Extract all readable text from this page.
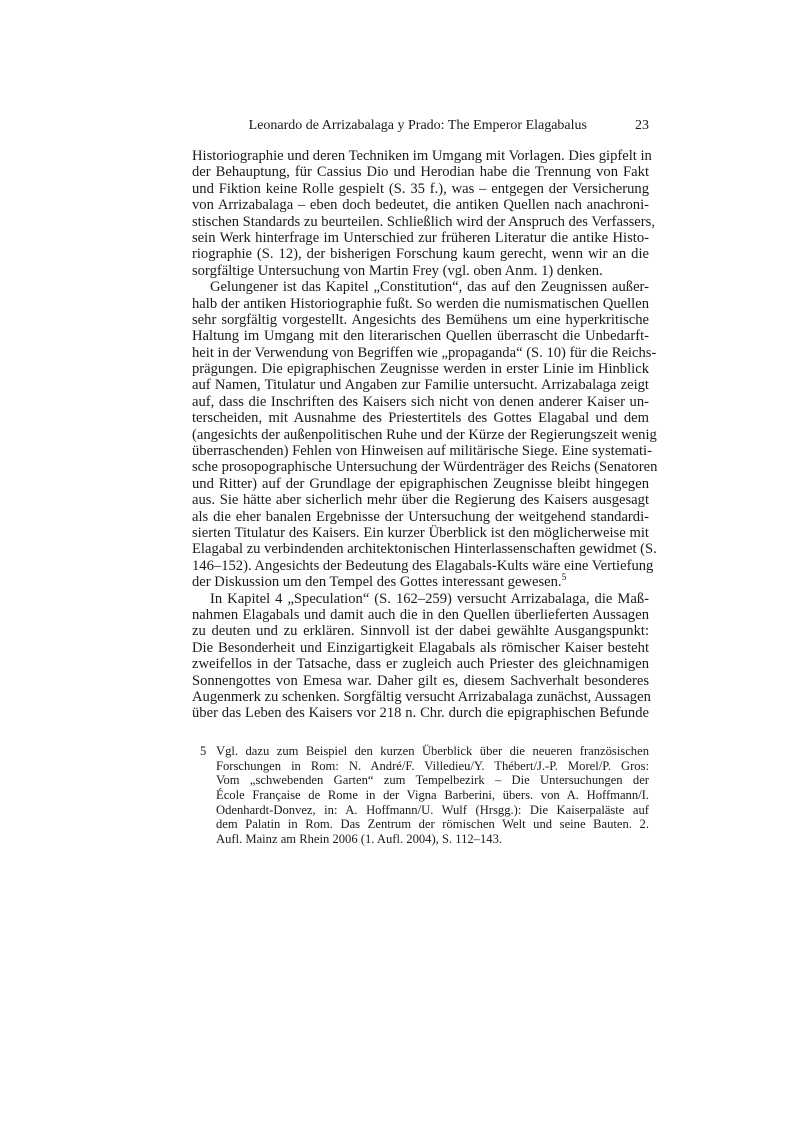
Leonardo de Arrizabalaga y Prado: The Emperor Elagabalus	23
Historiographie und deren Techniken im Umgang mit Vorlagen. Dies gipfelt in
der Behauptung, für Cassius Dio und Herodian habe die Trennung von Fakt
und Fiktion keine Rolle gespielt (S. 35 f.), was – entgegen der Versicherung
von Arrizabalaga – eben doch bedeutet, die antiken Quellen nach anachroni-
stischen Standards zu beurteilen. Schließlich wird der Anspruch des Verfassers,
sein Werk hinterfrage im Unterschied zur früheren Literatur die antike Histo-
riographie (S. 12), der bisherigen Forschung kaum gerecht, wenn wir an die
sorgfältige Untersuchung von Martin Frey (vgl. oben Anm. 1) denken.
Gelungener ist das Kapitel „Constitution“, das auf den Zeugnissen außer-
halb der antiken Historiographie fußt. So werden die numismatischen Quellen
sehr sorgfältig vorgestellt. Angesichts des Bemühens um eine hyperkritische
Haltung im Umgang mit den literarischen Quellen überrascht die Unbedarft-
heit in der Verwendung von Begriffen wie „propaganda“ (S. 10) für die Reichs-
prägungen. Die epigraphischen Zeugnisse werden in erster Linie im Hinblick
auf Namen, Titulatur und Angaben zur Familie untersucht. Arrizabalaga zeigt
auf, dass die Inschriften des Kaisers sich nicht von denen anderer Kaiser un-
terscheiden, mit Ausnahme des Priestertitels des Gottes Elagabal und dem
(angesichts der außenpolitischen Ruhe und der Kürze der Regierungszeit wenig
überraschenden) Fehlen von Hinweisen auf militärische Siege. Eine systemati-
sche prosopographische Untersuchung der Würdenträger des Reichs (Senatoren
und Ritter) auf der Grundlage der epigraphischen Zeugnisse bleibt hingegen
aus. Sie hätte aber sicherlich mehr über die Regierung des Kaisers ausgesagt
als die eher banalen Ergebnisse der Untersuchung der weitgehend standardi-
sierten Titulatur des Kaisers. Ein kurzer Überblick ist den möglicherweise mit
Elagabal zu verbindenden architektonischen Hinterlassenschaften gewidmet (S.
146–152). Angesichts der Bedeutung des Elagabals-Kults wäre eine Vertiefung
der Diskussion um den Tempel des Gottes interessant gewesen.$^5$
In Kapitel 4 „Speculation“ (S. 162–259) versucht Arrizabalaga, die Maß-
nahmen Elagabals und damit auch die in den Quellen überlieferten Aussagen
zu deuten und zu erklären. Sinnvoll ist der dabei gewählte Ausgangspunkt:
Die Besonderheit und Einzigartigkeit Elagabals als römischer Kaiser besteht
zweifellos in der Tatsache, dass er zugleich auch Priester des gleichnamigen
Sonnengottes von Emesa war. Daher gilt es, diesem Sachverhalt besonderes
Augenmerk zu schenken. Sorgfältig versucht Arrizabalaga zunächst, Aussagen
über das Leben des Kaisers vor 218 n. Chr. durch die epigraphischen Befunde
5 Vgl. dazu zum Beispiel den kurzen Überblick über die neueren französischen
Forschungen in Rom: N. André/F. Villedieu/Y. Thébert/J.-P. Morel/P. Gros:
Vom „schwebenden Garten“ zum Tempelbezirk – Die Untersuchungen der
École Française de Rome in der Vigna Barberini, übers. von A. Hoffmann/I.
Odenhardt-Donvez, in: A. Hoffmann/U. Wulf (Hrsgg.): Die Kaiserpaläste auf
dem Palatin in Rom. Das Zentrum der römischen Welt und seine Bauten. 2.
Aufl. Mainz am Rhein 2006 (1. Aufl. 2004), S. 112–143.
